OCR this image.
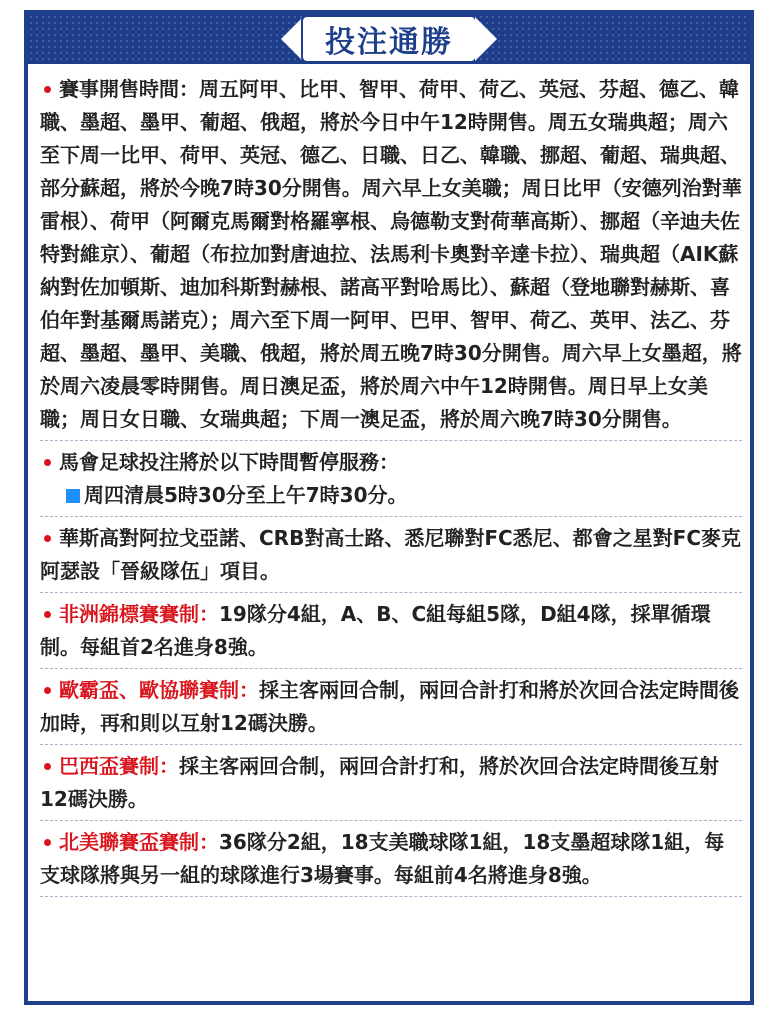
投注通勝
賽事開售時間：周五阿甲、比甲、智甲、荷甲、荷乙、英冠、芬超、德乙、韓職、墨超、墨甲、葡超、俄超，將於今日中午12時開售。周五女瑞典超；周六至下周一比甲、荷甲、英冠、德乙、日職、日乙、韓職、挪超、葡超、瑞典超、部分蘇超，將於今晚7時30分開售。周六早上女美職；周日比甲（安德列治對華雷根）、荷甲（阿爾克馬爾對格羅寧根、烏德勒支對荷華高斯）、挪超（辛迪夫佐特對維京）、葡超（布拉加對唐迪拉、法馬利卡奧對辛達卡拉）、瑞典超（AIK蘇納對佐加頓斯、迪加科斯對赫根、諾高平對哈馬比）、蘇超（登地聯對赫斯、喜伯年對基爾馬諾克）；周六至下周一阿甲、巴甲、智甲、荷乙、英甲、法乙、芬超、墨超、墨甲、美職、俄超，將於周五晚7時30分開售。周六早上女墨超，將於周六凌晨零時開售。周日澳足盃，將於周六中午12時開售。周日早上女美職；周日女日職、女瑞典超；下周一澳足盃，將於周六晚7時30分開售。
馬會足球投注將於以下時間暫停服務：
周四清晨5時30分至上午7時30分。
華斯高對阿拉戈亞諾、CRB對高士路、悉尼聯對FC悉尼、都會之星對FC麥克阿瑟設「晉級隊伍」項目。
非洲錦標賽賽制：19隊分4組，A、B、C組每組5隊，D組4隊，採單循環制。每組首2名進身8強。
歐霸盃、歐協聯賽制：採主客兩回合制，兩回合計打和將於次回合法定時間後加時，再和則以互射12碼決勝。
巴西盃賽制：採主客兩回合制，兩回合計打和，將於次回合法定時間後互射12碼決勝。
北美聯賽盃賽制：36隊分2組，18支美職球隊1組，18支墨超球隊1組，每支球隊將與另一組的球隊進行3場賽事。每組前4名將進身8強。
